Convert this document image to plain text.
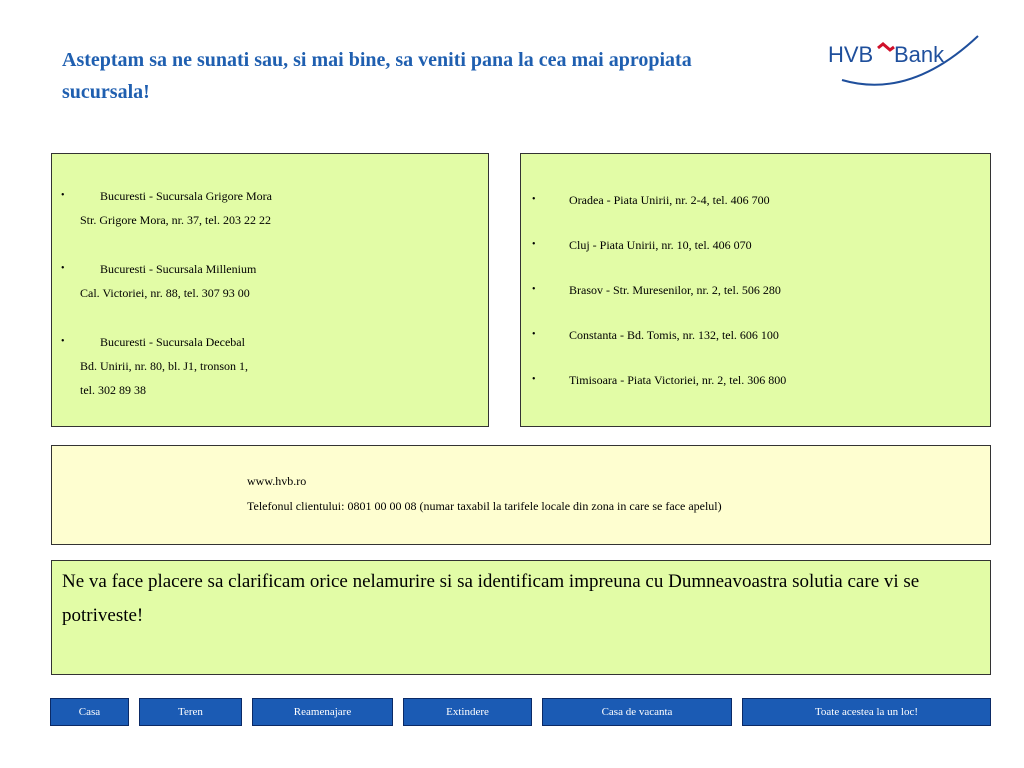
Asteptam sa ne sunati sau, si mai bine, sa veniti pana la cea mai apropiata sucursala!
HVB Bank
• Bucuresti - Sucursala Grigore Mora
Str. Grigore Mora, nr. 37, tel. 203 22 22
• Bucuresti - Sucursala Millenium
Cal. Victoriei, nr. 88, tel. 307 93 00
• Bucuresti - Sucursala Decebal
Bd. Unirii, nr. 80, bl. J1, tronson 1,
tel. 302 89 38
• Oradea - Piata Unirii, nr. 2-4, tel. 406 700
• Cluj - Piata Unirii, nr. 10, tel. 406 070
• Brasov - Str. Muresenilor, nr. 2, tel. 506 280
• Constanta - Bd. Tomis, nr. 132, tel. 606 100
• Timisoara - Piata Victoriei, nr. 2, tel. 306 800
www.hvb.ro
Telefonul clientului: 0801 00 00 08 (numar taxabil la tarifele locale din zona in care se face apelul)

Ne va face placere sa clarificam orice nelamurire si sa identificam impreuna cu Dumneavoastra solutia care vi se potriveste!

Casa	Teren	Reamenajare	Extindere	Casa de vacanta	Toate acestea la un loc!
